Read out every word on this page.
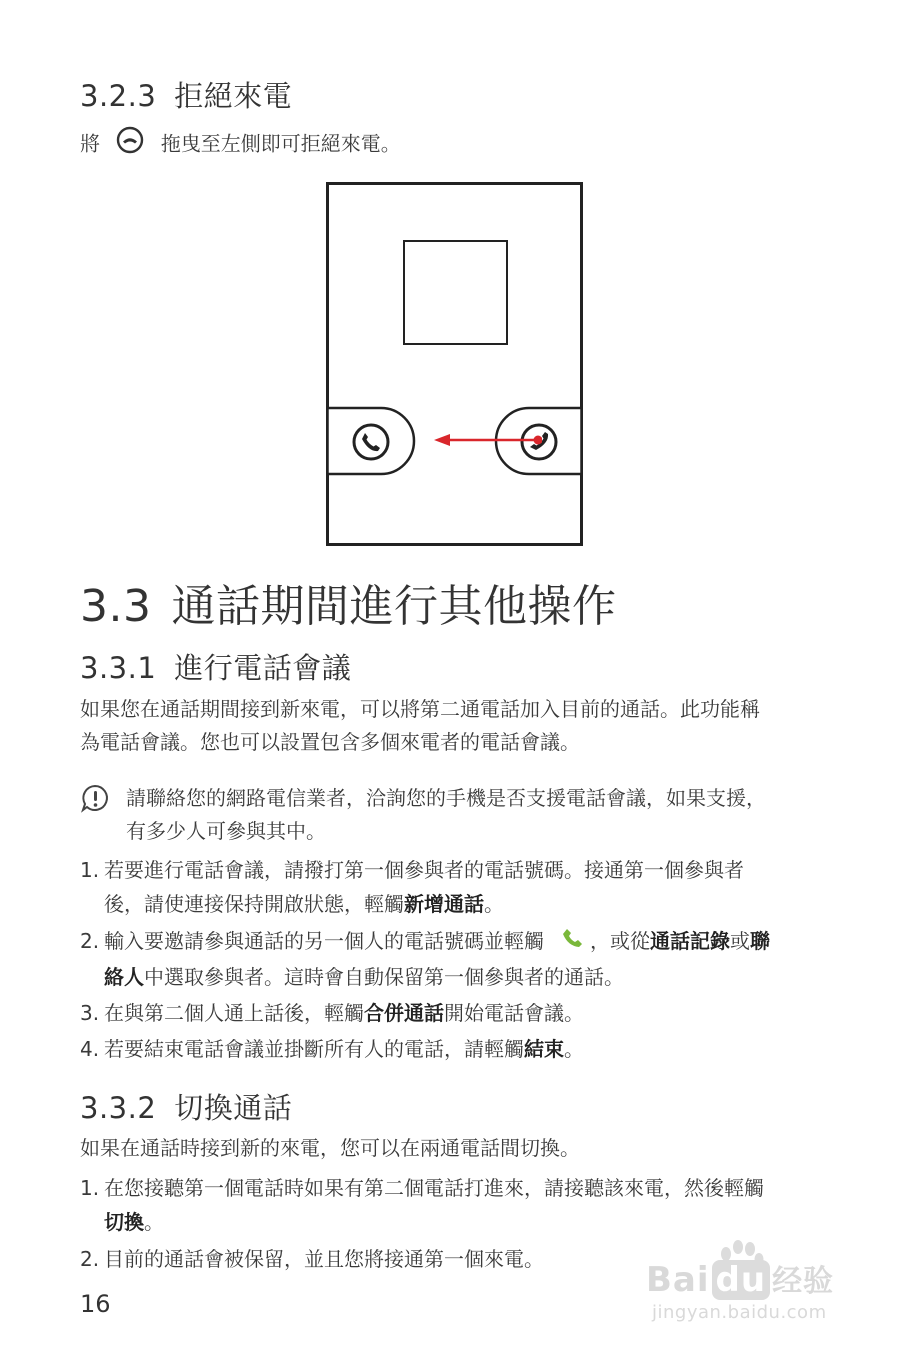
3.2.3 拒絕來電
將	拖曳至左側即可拒絕來電。
3.3 通話期間進行其他操作
3.3.1 進行電話會議
如果您在通話期間接到新來電，可以將第二通電話加入目前的通話。此功能稱
為電話會議。您也可以設置包含多個來電者的電話會議。
請聯絡您的網路電信業者，洽詢您的手機是否支援電話會議，如果支援，
有多少人可參與其中。
1. 若要進行電話會議，請撥打第一個參與者的電話號碼。接通第一個參與者
後，請使連接保持開啟狀態，輕觸新增通話。
2. 輸入要邀請參與通話的另一個人的電話號碼並輕觸 ，或從通話記錄或聯
絡人中選取參與者。這時會自動保留第一個參與者的通話。
3. 在與第二個人通上話後，輕觸合併通話開始電話會議。
4. 若要結束電話會議並掛斷所有人的電話，請輕觸結束。
3.3.2 切換通話
如果在通話時接到新的來電，您可以在兩通電話間切換。
1. 在您接聽第一個電話時如果有第二個電話打進來，請接聽該來電，然後輕觸
切換。
2. 目前的通話會被保留，並且您將接通第一個來電。
16
Bai du 经验
jingyan.baidu.com
